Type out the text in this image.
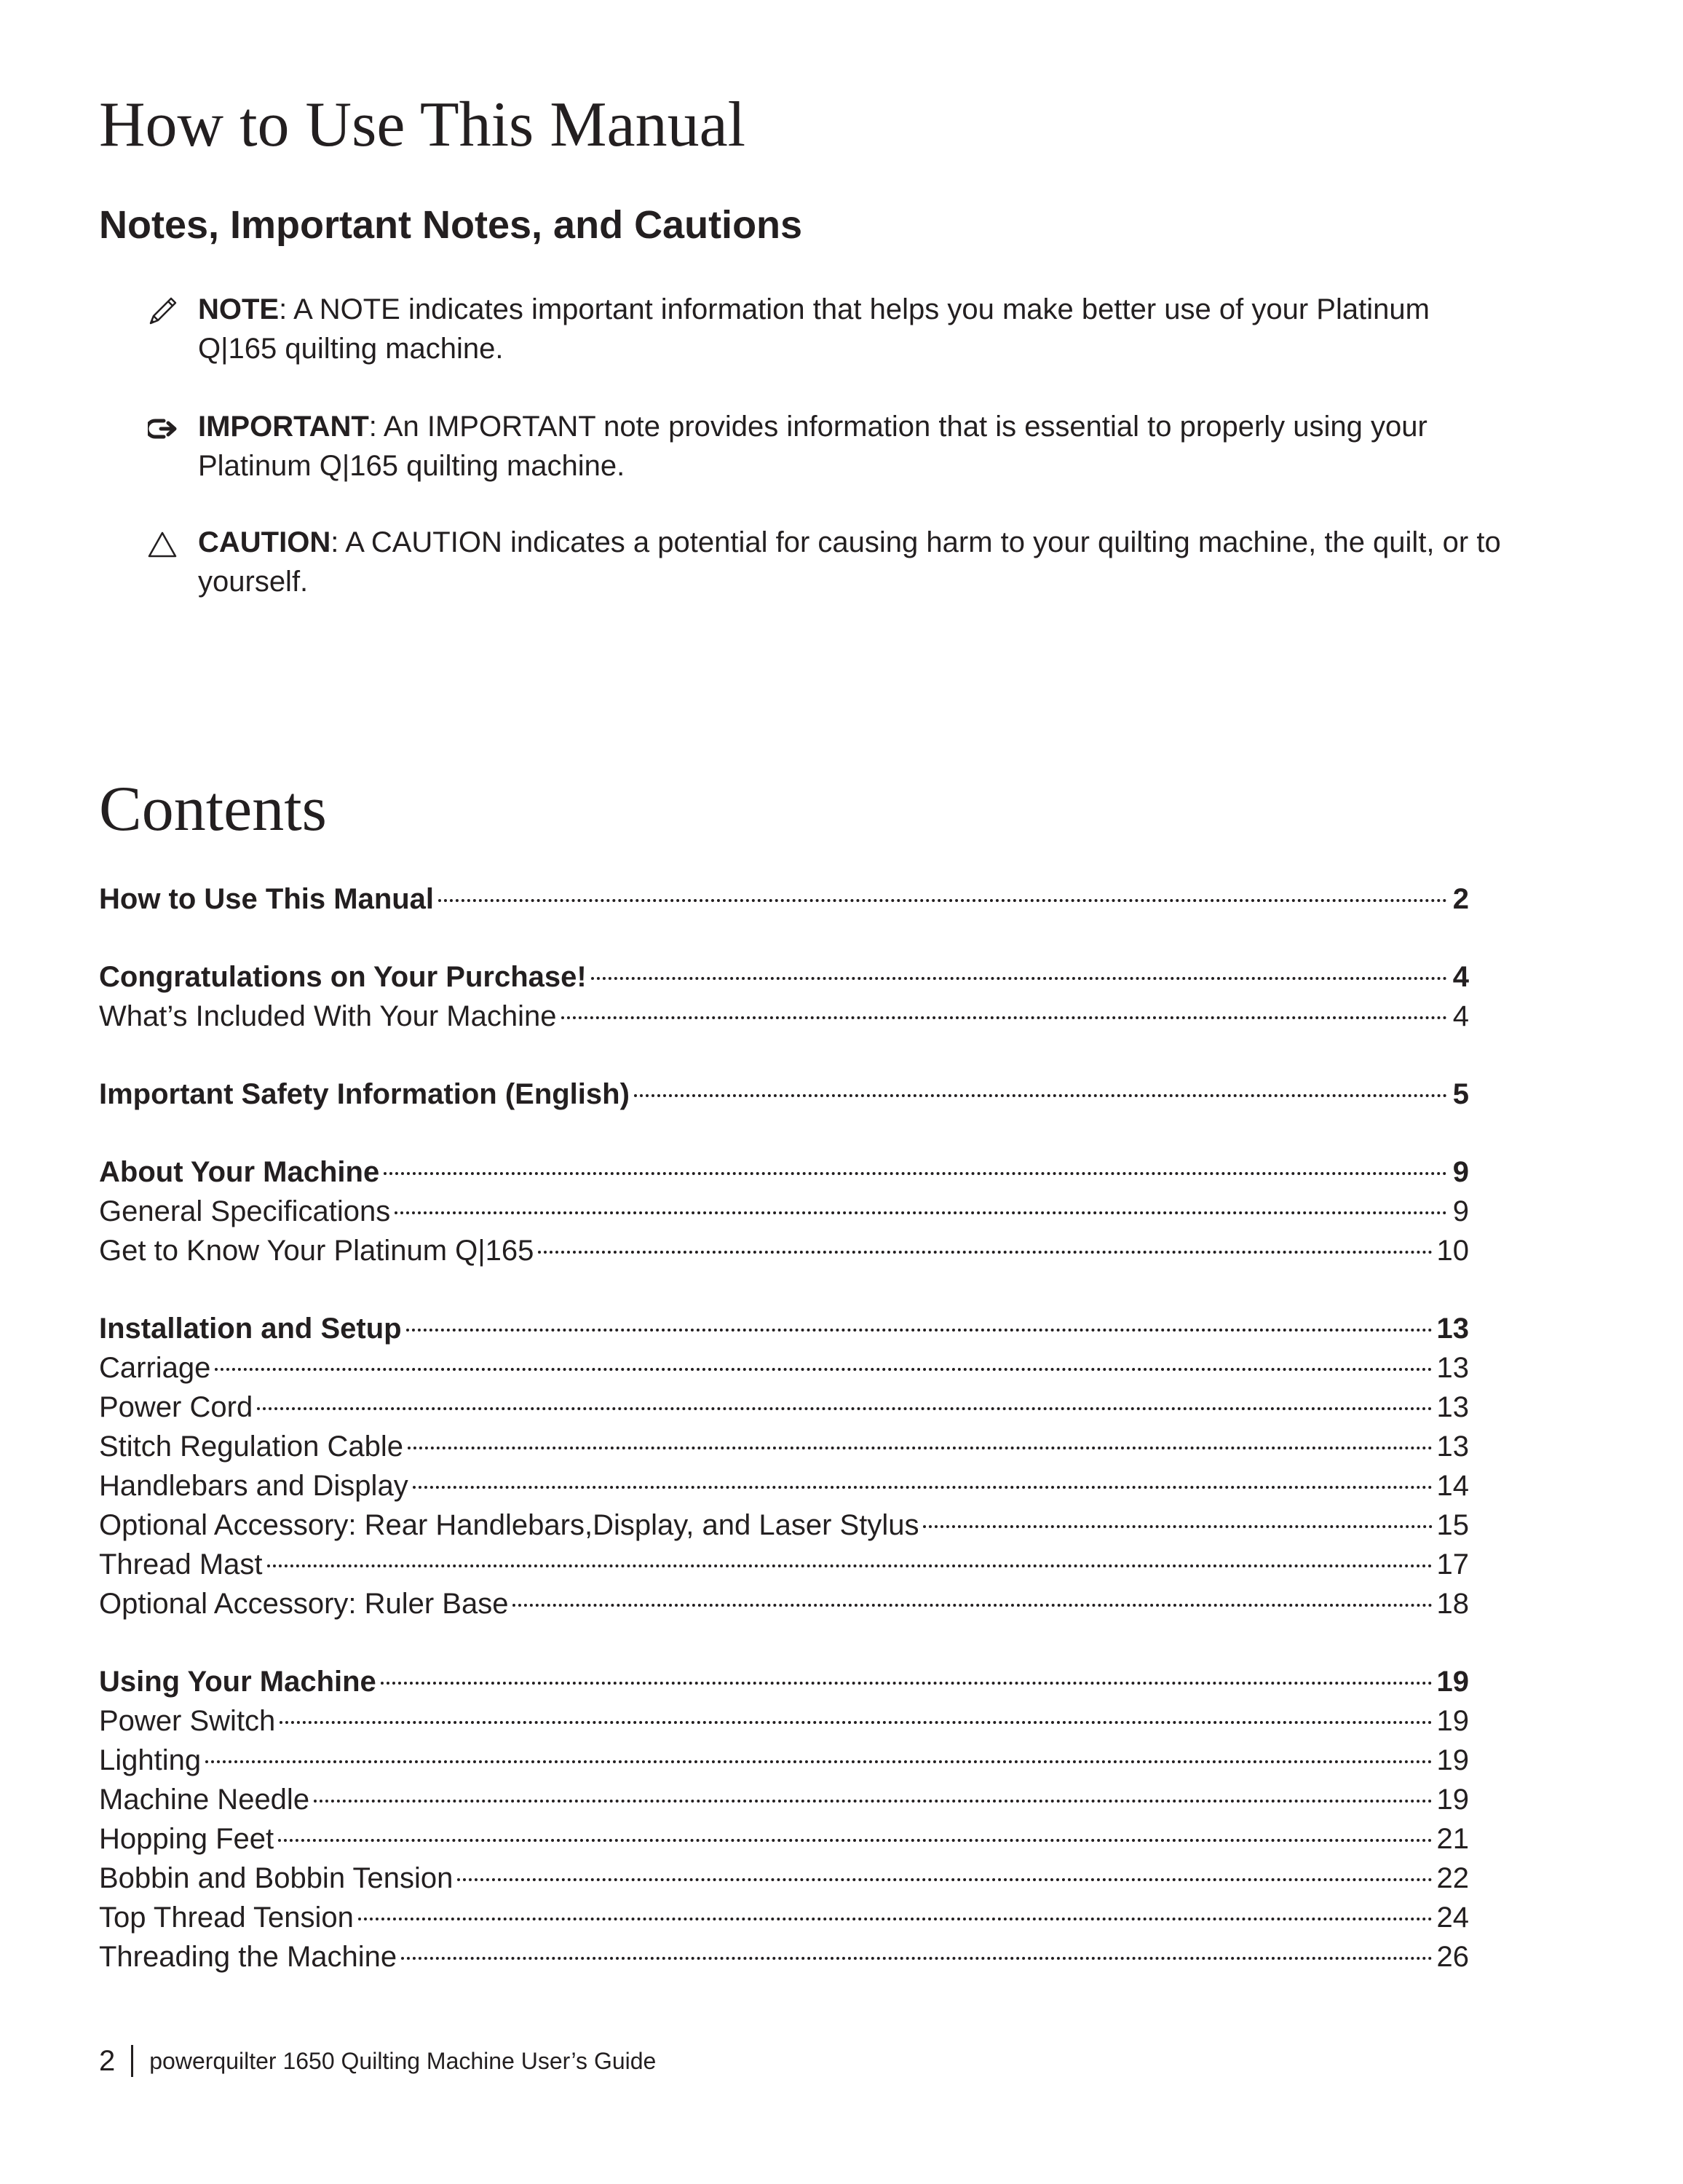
How to Use This Manual
Notes, Important Notes, and Cautions
NOTE: A NOTE indicates important information that helps you make better use of your Platinum Q|165 quilting machine.
IMPORTANT: An IMPORTANT note provides information that is essential to properly using your Platinum Q|165 quilting machine.
CAUTION: A CAUTION indicates a potential for causing harm to your quilting machine, the quilt, or to yourself.
Contents
How to Use This Manual	2
Congratulations on Your Purchase!	4
What’s Included With Your Machine	4
Important Safety Information (English)	5
About Your Machine	9
General Specifications	9
Get to Know Your Platinum Q|165	10
Installation and Setup	13
Carriage	13
Power Cord	13
Stitch Regulation Cable	13
Handlebars and Display	14
Optional Accessory: Rear Handlebars,Display, and Laser Stylus	15
Thread Mast	17
Optional Accessory: Ruler Base	18
Using Your Machine	19
Power Switch	19
Lighting	19
Machine Needle	19
Hopping Feet	21
Bobbin and Bobbin Tension	22
Top Thread Tension	24
Threading the Machine	26
2 powerquilter 1650 Quilting Machine User’s Guide
